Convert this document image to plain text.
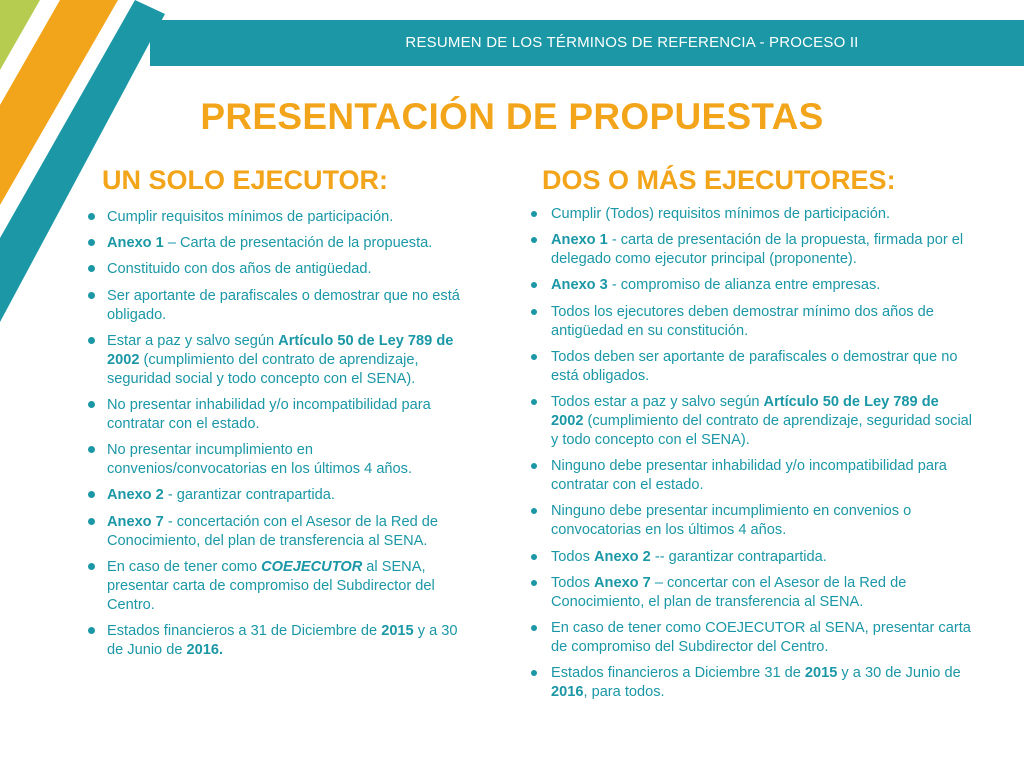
RESUMEN DE LOS TÉRMINOS DE REFERENCIA - PROCESO II
PRESENTACIÓN DE PROPUESTAS
UN SOLO EJECUTOR:	DOS O MÁS EJECUTORES:
Cumplir requisitos mínimos de participación.
Anexo 1 – Carta de presentación de la propuesta.
Constituido con dos años de antigüedad.
Ser aportante de parafiscales o demostrar que no está obligado.
Estar a paz y salvo según Artículo 50 de Ley 789 de 2002 (cumplimiento del contrato de aprendizaje, seguridad social y todo concepto con el SENA).
No presentar inhabilidad y/o incompatibilidad para contratar con el estado.
No presentar incumplimiento en convenios/convocatorias en los últimos 4 años.
Anexo 2 - garantizar contrapartida.
Anexo 7 - concertación con el Asesor de la Red de Conocimiento, del plan de transferencia al SENA.
En caso de tener como COEJECUTOR al SENA, presentar carta de compromiso del Subdirector del Centro.
Estados financieros a 31 de Diciembre de 2015 y a 30 de Junio de 2016.
Cumplir (Todos) requisitos mínimos de participación.
Anexo 1 - carta de presentación de la propuesta, firmada por el delegado como ejecutor principal (proponente).
Anexo 3 - compromiso de alianza entre empresas.
Todos los ejecutores deben demostrar mínimo dos años de antigüedad en su constitución.
Todos deben ser aportante de parafiscales o demostrar que no está obligados.
Todos estar a paz y salvo según Artículo 50 de Ley 789 de 2002 (cumplimiento del contrato de aprendizaje, seguridad social y todo concepto con el SENA).
Ninguno debe presentar inhabilidad y/o incompatibilidad para contratar con el estado.
Ninguno debe presentar incumplimiento en convenios o convocatorias en los últimos 4 años.
Todos Anexo 2 -- garantizar contrapartida.
Todos Anexo 7 – concertar con el Asesor de la Red de Conocimiento, el plan de transferencia al SENA.
En caso de tener como COEJECUTOR al SENA, presentar carta de compromiso del Subdirector del Centro.
Estados financieros a Diciembre 31 de 2015 y a 30 de Junio de 2016, para todos.
